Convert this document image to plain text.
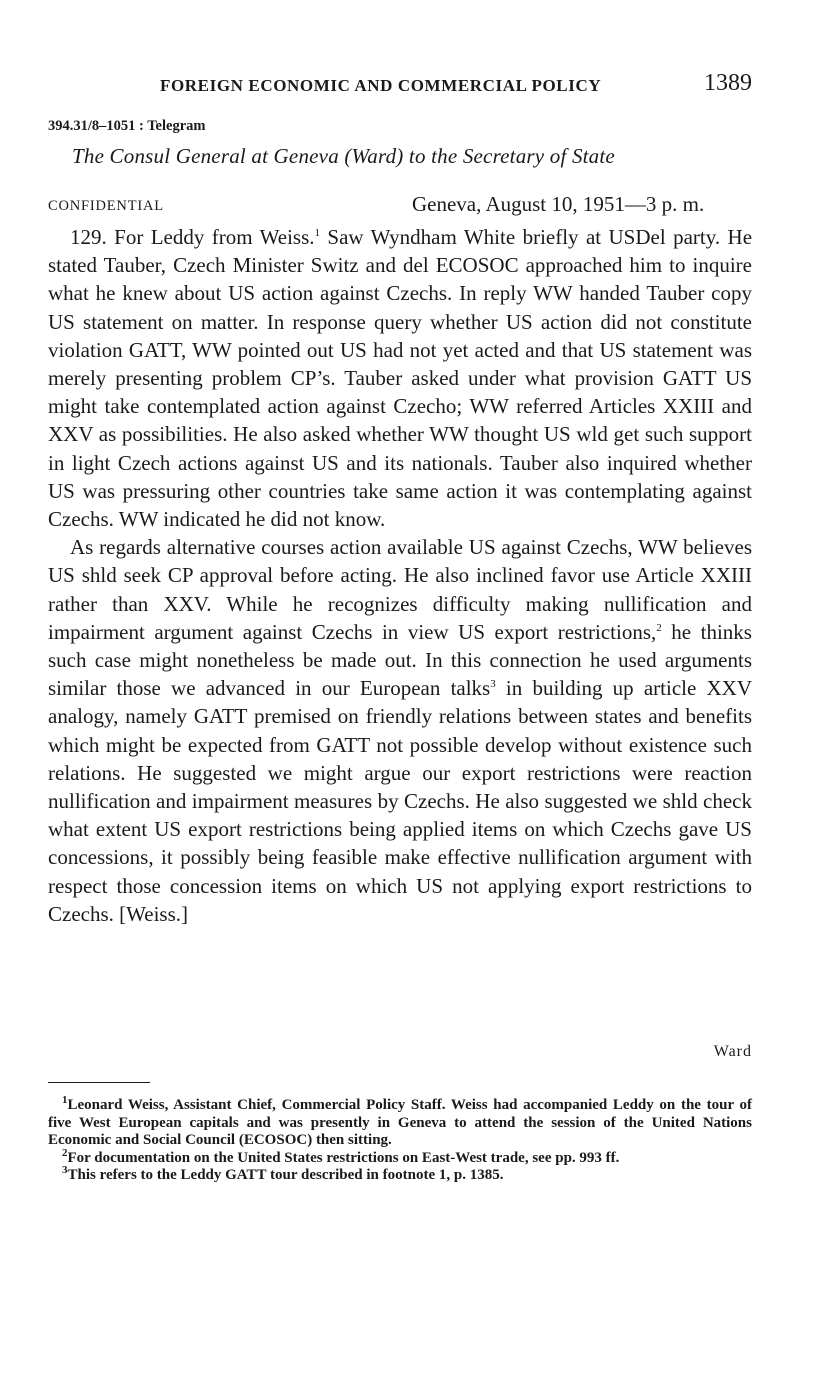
FOREIGN ECONOMIC AND COMMERCIAL POLICY	1389
394.31/8–1051 : Telegram
The Consul General at Geneva (Ward) to the Secretary of State
CONFIDENTIAL	Geneva, August 10, 1951—3 p. m.

129. For Leddy from Weiss.$^1$ Saw Wyndham White briefly at USDel party. He stated Tauber, Czech Minister Switz and del ECOSOC approached him to inquire what he knew about US action against Czechs. In reply WW handed Tauber copy US statement on matter. In response query whether US action did not constitute violation GATT, WW pointed out US had not yet acted and that US statement was merely presenting problem CP’s. Tauber asked under what provision GATT US might take contemplated action against Czecho; WW referred Articles XXIII and XXV as possibilities. He also asked whether WW thought US wld get such support in light Czech actions against US and its nationals. Tauber also inquired whether US was pressuring other countries take same action it was contemplating against Czechs. WW indicated he did not know.

As regards alternative courses action available US against Czechs, WW believes US shld seek CP approval before acting. He also inclined favor use Article XXIII rather than XXV. While he recognizes difficulty making nullification and impairment argument against Czechs in view US export restrictions,$^2$ he thinks such case might nonetheless be made out. In this connection he used arguments similar those we advanced in our European talks$^3$ in building up article XXV analogy, namely GATT premised on friendly relations between states and benefits which might be expected from GATT not possible develop without existence such relations. He suggested we might argue our export restrictions were reaction nullification and impairment measures by Czechs. He also suggested we shld check what extent US export restrictions being applied items on which Czechs gave US concessions, it possibly being feasible make effective nullification argument with respect those concession items on which US not applying export restrictions to Czechs. [Weiss.]

Ward

$^1$Leonard Weiss, Assistant Chief, Commercial Policy Staff. Weiss had accompanied Leddy on the tour of five West European capitals and was presently in Geneva to attend the session of the United Nations Economic and Social Council (ECOSOC) then sitting.

$^2$For documentation on the United States restrictions on East-West trade, see pp. 993 ff.

$^3$This refers to the Leddy GATT tour described in footnote 1, p. 1385.
